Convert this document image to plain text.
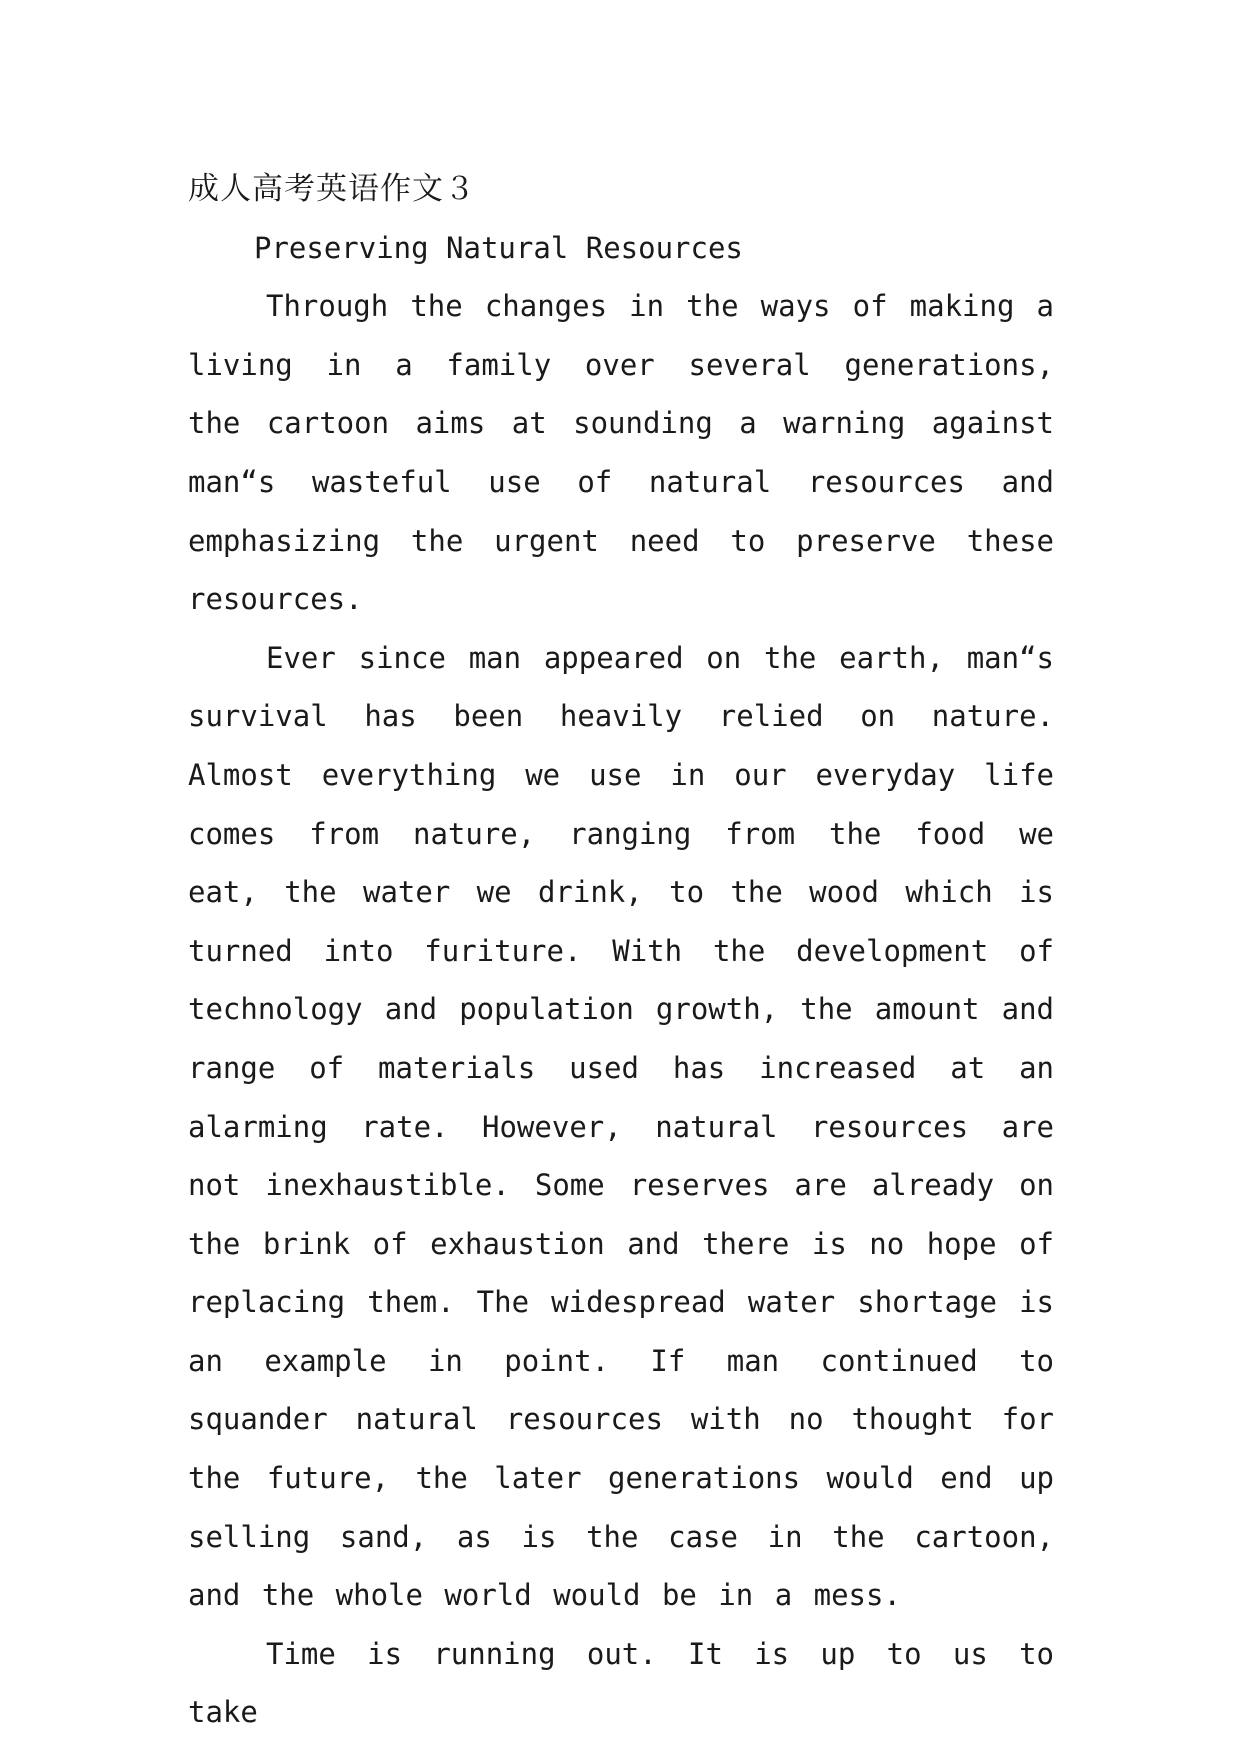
成人高考英语作文３
Preserving Natural Resources

Through the changes in the ways of making a living in a family over several generations, the cartoon aims at sounding a warning against man“s wasteful use of natural resources and emphasizing the urgent need to preserve these resources.

Ever since man appeared on the earth, man“s survival has been heavily relied on nature. Almost everything we use in our everyday life comes from nature, ranging from the food we eat, the water we drink, to the wood which is turned into furiture. With the development of technology and population growth, the amount and range of materials used has increased at an alarming rate. However, natural resources are not inexhaustible. Some reserves are already on the brink of exhaustion and there is no hope of replacing them. The widespread water shortage is an example in point. If man continued to squander natural resources with no thought for the future, the later generations would end up selling sand, as is the case in the cartoon, and the whole world would be in a mess.

Time is running out. It is up to us to take
